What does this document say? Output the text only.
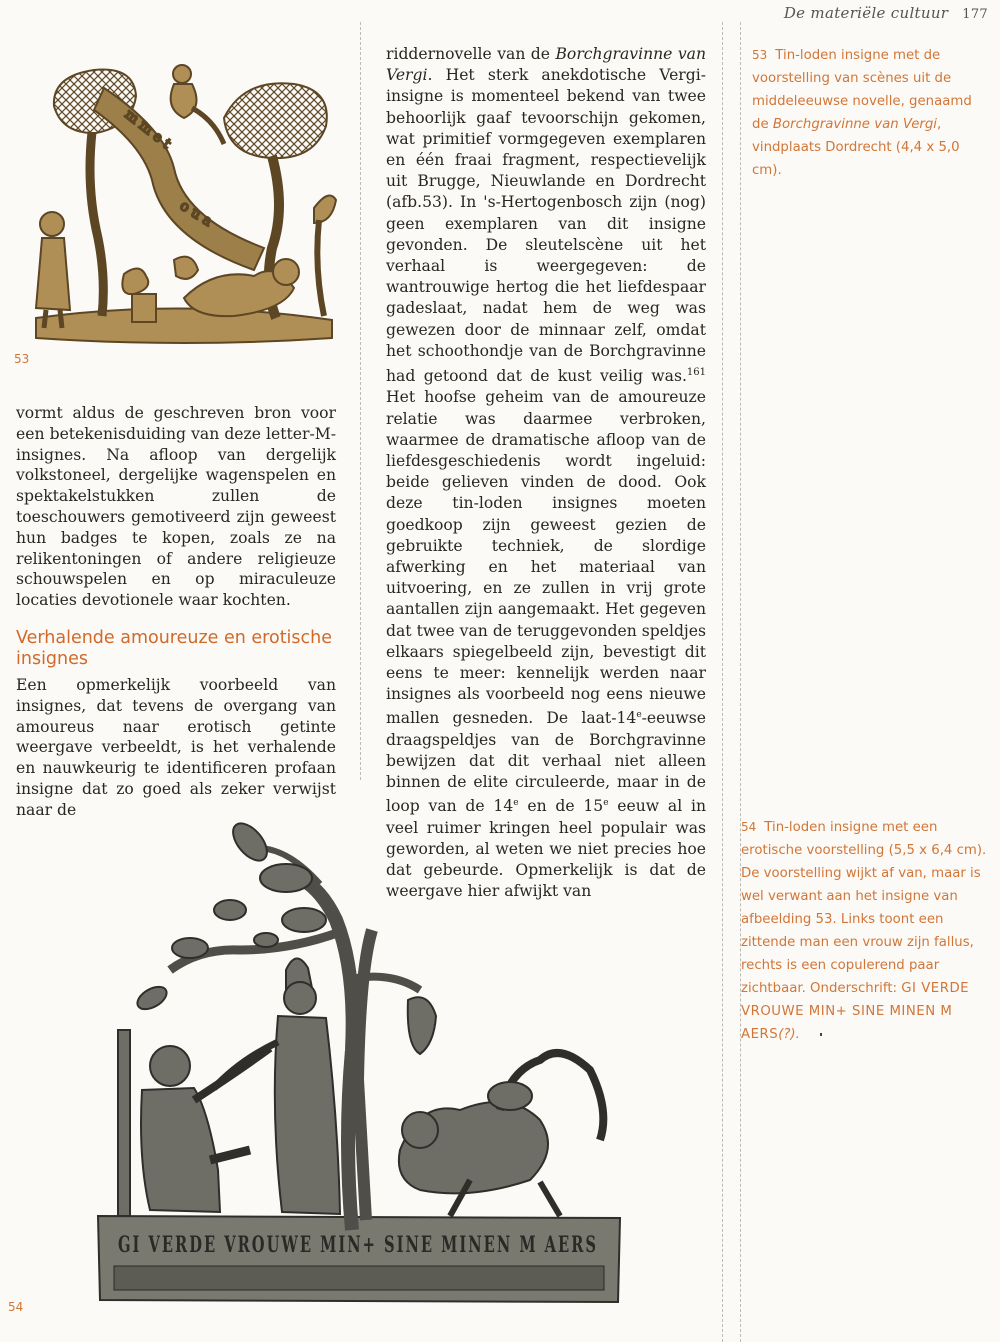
De materiële cultuur 177
m m e t
o u a
53

vormt aldus de geschreven bron voor een betekenisduiding van deze letter-M-insignes. Na afloop van dergelijk volkstoneel, dergelijke wagenspelen en spektakelstukken zullen de toeschouwers gemotiveerd zijn geweest hun badges te kopen, zoals ze na relikentoningen of andere religieuze schouwspelen en op miraculeuze locaties devotionele waar kochten.

Verhalende amoureuze en erotische insignes

Een opmerkelijk voorbeeld van insignes, dat tevens de overgang van amoureus naar erotisch getinte weergave verbeeldt, is het verhalende en nauwkeurig te identificeren profaan insigne dat zo goed als zeker verwijst naar de

riddernovelle van de Borchgravinne van Vergi. Het sterk anekdotische Vergi-insigne is momenteel bekend van twee behoorlijk gaaf tevoorschijn gekomen, wat primitief vormgegeven exemplaren en één fraai fragment, respectievelijk uit Brugge, Nieuwlande en Dordrecht (afb.53). In 's-Hertogenbosch zijn (nog) geen exemplaren van dit insigne gevonden. De sleutelscène uit het verhaal is weergegeven: de wantrouwige hertog die het liefdespaar gadeslaat, nadat hem de weg was gewezen door de minnaar zelf, omdat het schoothondje van de Borchgravinne had getoond dat de kust veilig was.$^{161}$ Het hoofse geheim van de amoureuze relatie was daarmee verbroken, waarmee de dramatische afloop van de liefdesgeschiedenis wordt ingeluid: beide gelieven vinden de dood. Ook deze tin-loden insignes moeten goedkoop zijn geweest gezien de gebruikte techniek, de slordige afwerking en het materiaal van uitvoering, en ze zullen in vrij grote aantallen zijn aangemaakt. Het gegeven dat twee van de teruggevonden speldjes elkaars spiegelbeeld zijn, bevestigt dit eens te meer: kennelijk werden naar insignes als voorbeeld nog eens nieuwe mallen gesneden. De laat-14e-eeuwse draagspeldjes van de Borchgravinne bewijzen dat dit verhaal niet alleen binnen de elite circuleerde, maar in de loop van de 14e en de 15e eeuw al in veel ruimer kringen heel populair was geworden, al weten we niet precies hoe dat gebeurde. Opmerkelijk is dat de weergave hier afwijkt van

53 Tin-loden insigne met de voorstelling van scènes uit de middeleeuwse novelle, genaamd de Borchgravinne van Vergi, vindplaats Dordrecht (4,4 x 5,0 cm).
54 Tin-loden insigne met een erotische voorstelling (5,5 x 6,4 cm). De voorstelling wijkt af van, maar is wel verwant aan het insigne van afbeelding 53. Links toont een zittende man een vrouw zijn fallus, rechts is een copulerend paar zichtbaar. Onderschrift: GI VERDE VROUWE MIN+ SINE MINEN M AERS(?).
GI VERDE VROUWE MIN+ SINE MINEN M AERS
54
